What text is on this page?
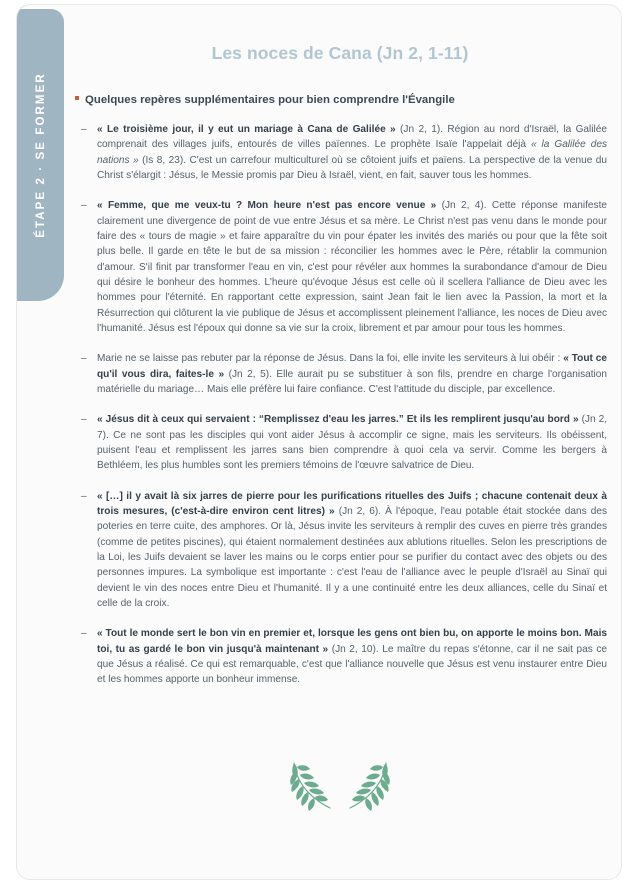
ÉTAPE 2 · SE FORMER
Les noces de Cana (Jn 2, 1-11)
Quelques repères supplémentaires pour bien comprendre l'Évangile
– « Le troisième jour, il y eut un mariage à Cana de Galilée » (Jn 2, 1). Région au nord d'Israël, la Galilée comprenait des villages juifs, entourés de villes païennes. Le prophète Isaïe l'appelait déjà « la Galilée des nations » (Is 8, 23). C'est un carrefour multiculturel où se côtoient juifs et païens. La perspective de la venue du Christ s'élargit : Jésus, le Messie promis par Dieu à Israël, vient, en fait, sauver tous les hommes.
– « Femme, que me veux-tu ? Mon heure n'est pas encore venue » (Jn 2, 4). Cette réponse manifeste clairement une divergence de point de vue entre Jésus et sa mère. Le Christ n'est pas venu dans le monde pour faire des « tours de magie » et faire apparaître du vin pour épater les invités des mariés ou pour que la fête soit plus belle. Il garde en tête le but de sa mission : réconcilier les hommes avec le Père, rétablir la communion d'amour. S'il finit par transformer l'eau en vin, c'est pour révéler aux hommes la surabondance d'amour de Dieu qui désire le bonheur des hommes. L'heure qu'évoque Jésus est celle où il scellera l'alliance de Dieu avec les hommes pour l'éternité. En rapportant cette expression, saint Jean fait le lien avec la Passion, la mort et la Résurrection qui clôturent la vie publique de Jésus et accomplissent pleinement l'alliance, les noces de Dieu avec l'humanité. Jésus est l'époux qui donne sa vie sur la croix, librement et par amour pour tous les hommes.
– Marie ne se laisse pas rebuter par la réponse de Jésus. Dans la foi, elle invite les serviteurs à lui obéir : « Tout ce qu'il vous dira, faites-le » (Jn 2, 5). Elle aurait pu se substituer à son fils, prendre en charge l'organisation matérielle du mariage… Mais elle préfère lui faire confiance. C'est l'attitude du disciple, par excellence.
– « Jésus dit à ceux qui servaient : “Remplissez d'eau les jarres.” Et ils les remplirent jusqu'au bord » (Jn 2, 7). Ce ne sont pas les disciples qui vont aider Jésus à accomplir ce signe, mais les serviteurs. Ils obéissent, puisent l'eau et remplissent les jarres sans bien comprendre à quoi cela va servir. Comme les bergers à Bethléem, les plus humbles sont les premiers témoins de l'œuvre salvatrice de Dieu.
– « […] il y avait là six jarres de pierre pour les purifications rituelles des Juifs ; chacune contenait deux à trois mesures, (c'est-à-dire environ cent litres) » (Jn 2, 6). À l'époque, l'eau potable était stockée dans des poteries en terre cuite, des amphores. Or là, Jésus invite les serviteurs à remplir des cuves en pierre très grandes (comme de petites piscines), qui étaient normalement destinées aux ablutions rituelles. Selon les prescriptions de la Loi, les Juifs devaient se laver les mains ou le corps entier pour se purifier du contact avec des objets ou des personnes impures. La symbolique est importante : c'est l'eau de l'alliance avec le peuple d'Israël au Sinaï qui devient le vin des noces entre Dieu et l'humanité. Il y a une continuité entre les deux alliances, celle du Sinaï et celle de la croix.
– « Tout le monde sert le bon vin en premier et, lorsque les gens ont bien bu, on apporte le moins bon. Mais toi, tu as gardé le bon vin jusqu'à maintenant » (Jn 2, 10). Le maître du repas s'étonne, car il ne sait pas ce que Jésus a réalisé. Ce qui est remarquable, c'est que l'alliance nouvelle que Jésus est venu instaurer entre Dieu et les hommes apporte un bonheur immense.
